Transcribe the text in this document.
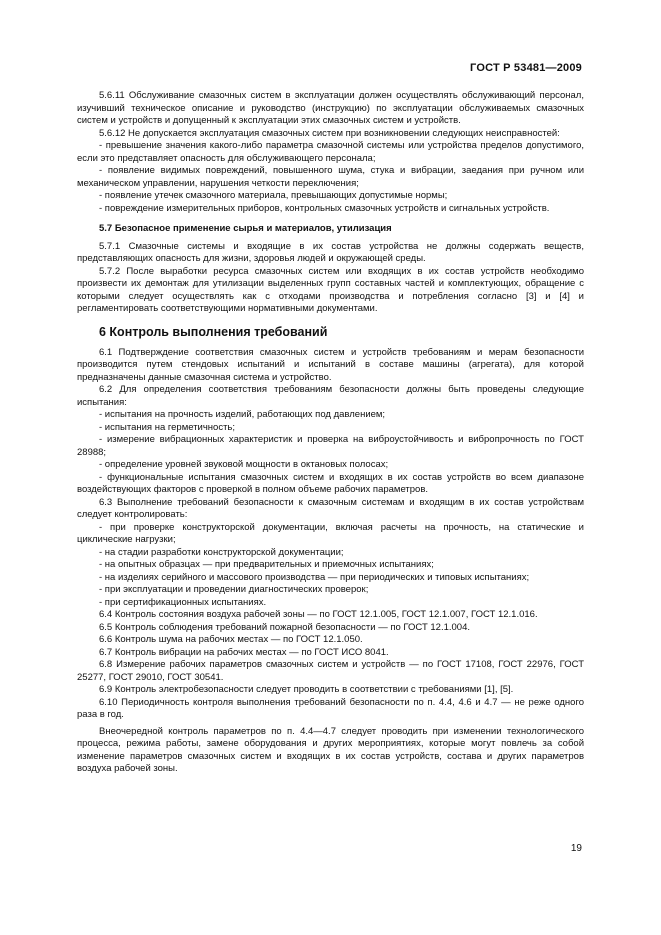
ГОСТ Р 53481—2009

5.6.11 Обслуживание смазочных систем в эксплуатации должен осуществлять обслуживающий персонал, изучивший техническое описание и руководство (инструкцию) по эксплуатации обслуживаемых смазочных систем и устройств и допущенный к эксплуатации этих смазочных систем и устройств.

5.6.12 Не допускается эксплуатация смазочных систем при возникновении следующих неисправностей:

- превышение значения какого-либо параметра смазочной системы или устройства пределов допустимого, если это представляет опасность для обслуживающего персонала;

- появление видимых повреждений, повышенного шума, стука и вибрации, заедания при ручном или механическом управлении, нарушения четкости переключения;

- появление утечек смазочного материала, превышающих допустимые нормы;

- повреждение измерительных приборов, контрольных смазочных устройств и сигнальных устройств.

5.7 Безопасное применение сырья и материалов, утилизация

5.7.1 Смазочные системы и входящие в их состав устройства не должны содержать веществ, представляющих опасность для жизни, здоровья людей и окружающей среды.

5.7.2 После выработки ресурса смазочных систем или входящих в их состав устройств необходимо произвести их демонтаж для утилизации выделенных групп составных частей и комплектующих, обращение с которыми следует осуществлять как с отходами производства и потребления согласно [3] и [4] и регламентировать соответствующими нормативными документами.

6 Контроль выполнения требований

6.1 Подтверждение соответствия смазочных систем и устройств требованиям и мерам безопасности производится путем стендовых испытаний и испытаний в составе машины (агрегата), для которой предназначены данные смазочная система и устройство.

6.2 Для определения соответствия требованиям безопасности должны быть проведены следующие испытания:

- испытания на прочность изделий, работающих под давлением;

- испытания на герметичность;

- измерение вибрационных характеристик и проверка на виброустойчивость и вибропрочность по ГОСТ 28988;

- определение уровней звуковой мощности в октановых полосах;

- функциональные испытания смазочных систем и входящих в их состав устройств во всем диапазоне воздействующих факторов с проверкой в полном объеме рабочих параметров.

6.3 Выполнение требований безопасности к смазочным системам и входящим в их состав устройствам следует контролировать:

- при проверке конструкторской документации, включая расчеты на прочность, на статические и циклические нагрузки;

- на стадии разработки конструкторской документации;

- на опытных образцах — при предварительных и приемочных испытаниях;

- на изделиях серийного и массового производства — при периодических и типовых испытаниях;

- при эксплуатации и проведении диагностических проверок;

- при сертификационных испытаниях.

6.4 Контроль состояния воздуха рабочей зоны — по ГОСТ 12.1.005, ГОСТ 12.1.007, ГОСТ 12.1.016.

6.5 Контроль соблюдения требований пожарной безопасности — по ГОСТ 12.1.004.

6.6 Контроль шума на рабочих местах — по ГОСТ 12.1.050.

6.7 Контроль вибрации на рабочих местах — по ГОСТ ИСО 8041.

6.8 Измерение рабочих параметров смазочных систем и устройств — по ГОСТ 17108, ГОСТ 22976, ГОСТ 25277, ГОСТ 29010, ГОСТ 30541.

6.9 Контроль электробезопасности следует проводить в соответствии с требованиями [1], [5].

6.10 Периодичность контроля выполнения требований безопасности по п. 4.4, 4.6 и 4.7 — не реже одного раза в год.

Внеочередной контроль параметров по п. 4.4—4.7 следует проводить при изменении технологического процесса, режима работы, замене оборудования и других мероприятиях, которые могут повлечь за собой изменение параметров смазочных систем и входящих в их состав устройств, состава и других параметров воздуха рабочей зоны.

19
